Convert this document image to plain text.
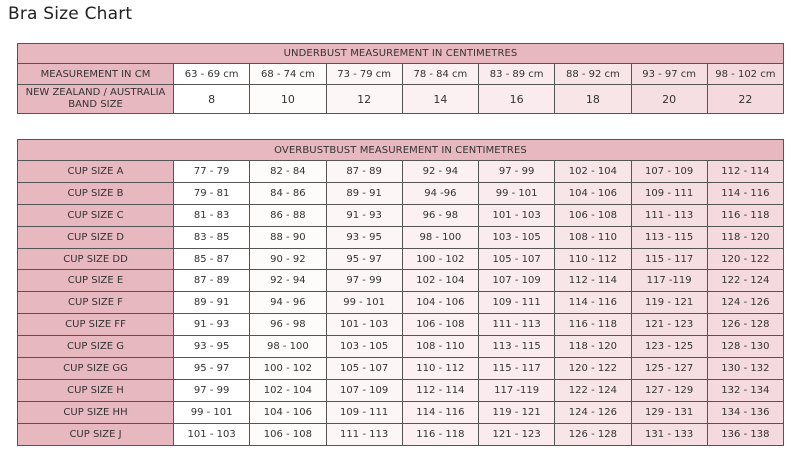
Bra Size Chart
UNDERBUST MEASUREMENT IN CENTIMETRES								
MEASUREMENT IN CM	63 - 69 cm	68 - 74 cm	73 - 79 cm	78 - 84 cm	83 - 89 cm	88 - 92 cm	93 - 97 cm	98 - 102 cm
NEW ZEALAND / AUSTRALIA BAND SIZE	8	10	12	14	16	18	20	22
OVERBUSTBUST MEASUREMENT IN CENTIMETRES								
CUP SIZE A	77 - 79	82 - 84	87 - 89	92 - 94	97 - 99	102 - 104	107 - 109	112 - 114
CUP SIZE B	79 - 81	84 - 86	89 - 91	94 -96	99 - 101	104 - 106	109 - 111	114 - 116
CUP SIZE C	81 - 83	86 - 88	91 - 93	96 - 98	101 - 103	106 - 108	111 - 113	116 - 118
CUP SIZE D	83 - 85	88 - 90	93 - 95	98 - 100	103 - 105	108 - 110	113 - 115	118 - 120
CUP SIZE DD	85 - 87	90 - 92	95 - 97	100 - 102	105 - 107	110 - 112	115 - 117	120 - 122
CUP SIZE E	87 - 89	92 - 94	97 - 99	102 - 104	107 - 109	112 - 114	117 -119	122 - 124
CUP SIZE F	89 - 91	94 - 96	99 - 101	104 - 106	109 - 111	114 - 116	119 - 121	124 - 126
CUP SIZE FF	91 - 93	96 - 98	101 - 103	106 - 108	111 - 113	116 - 118	121 - 123	126 - 128
CUP SIZE G	93 - 95	98 - 100	103 - 105	108 - 110	113 - 115	118 - 120	123 - 125	128 - 130
CUP SIZE GG	95 - 97	100 - 102	105 - 107	110 - 112	115 - 117	120 - 122	125 - 127	130 - 132
CUP SIZE H	97 - 99	102 - 104	107 - 109	112 - 114	117 -119	122 - 124	127 - 129	132 - 134
CUP SIZE HH	99 - 101	104 - 106	109 - 111	114 - 116	119 - 121	124 - 126	129 - 131	134 - 136
CUP SIZE J	101 - 103	106 - 108	111 - 113	116 - 118	121 - 123	126 - 128	131 - 133	136 - 138
